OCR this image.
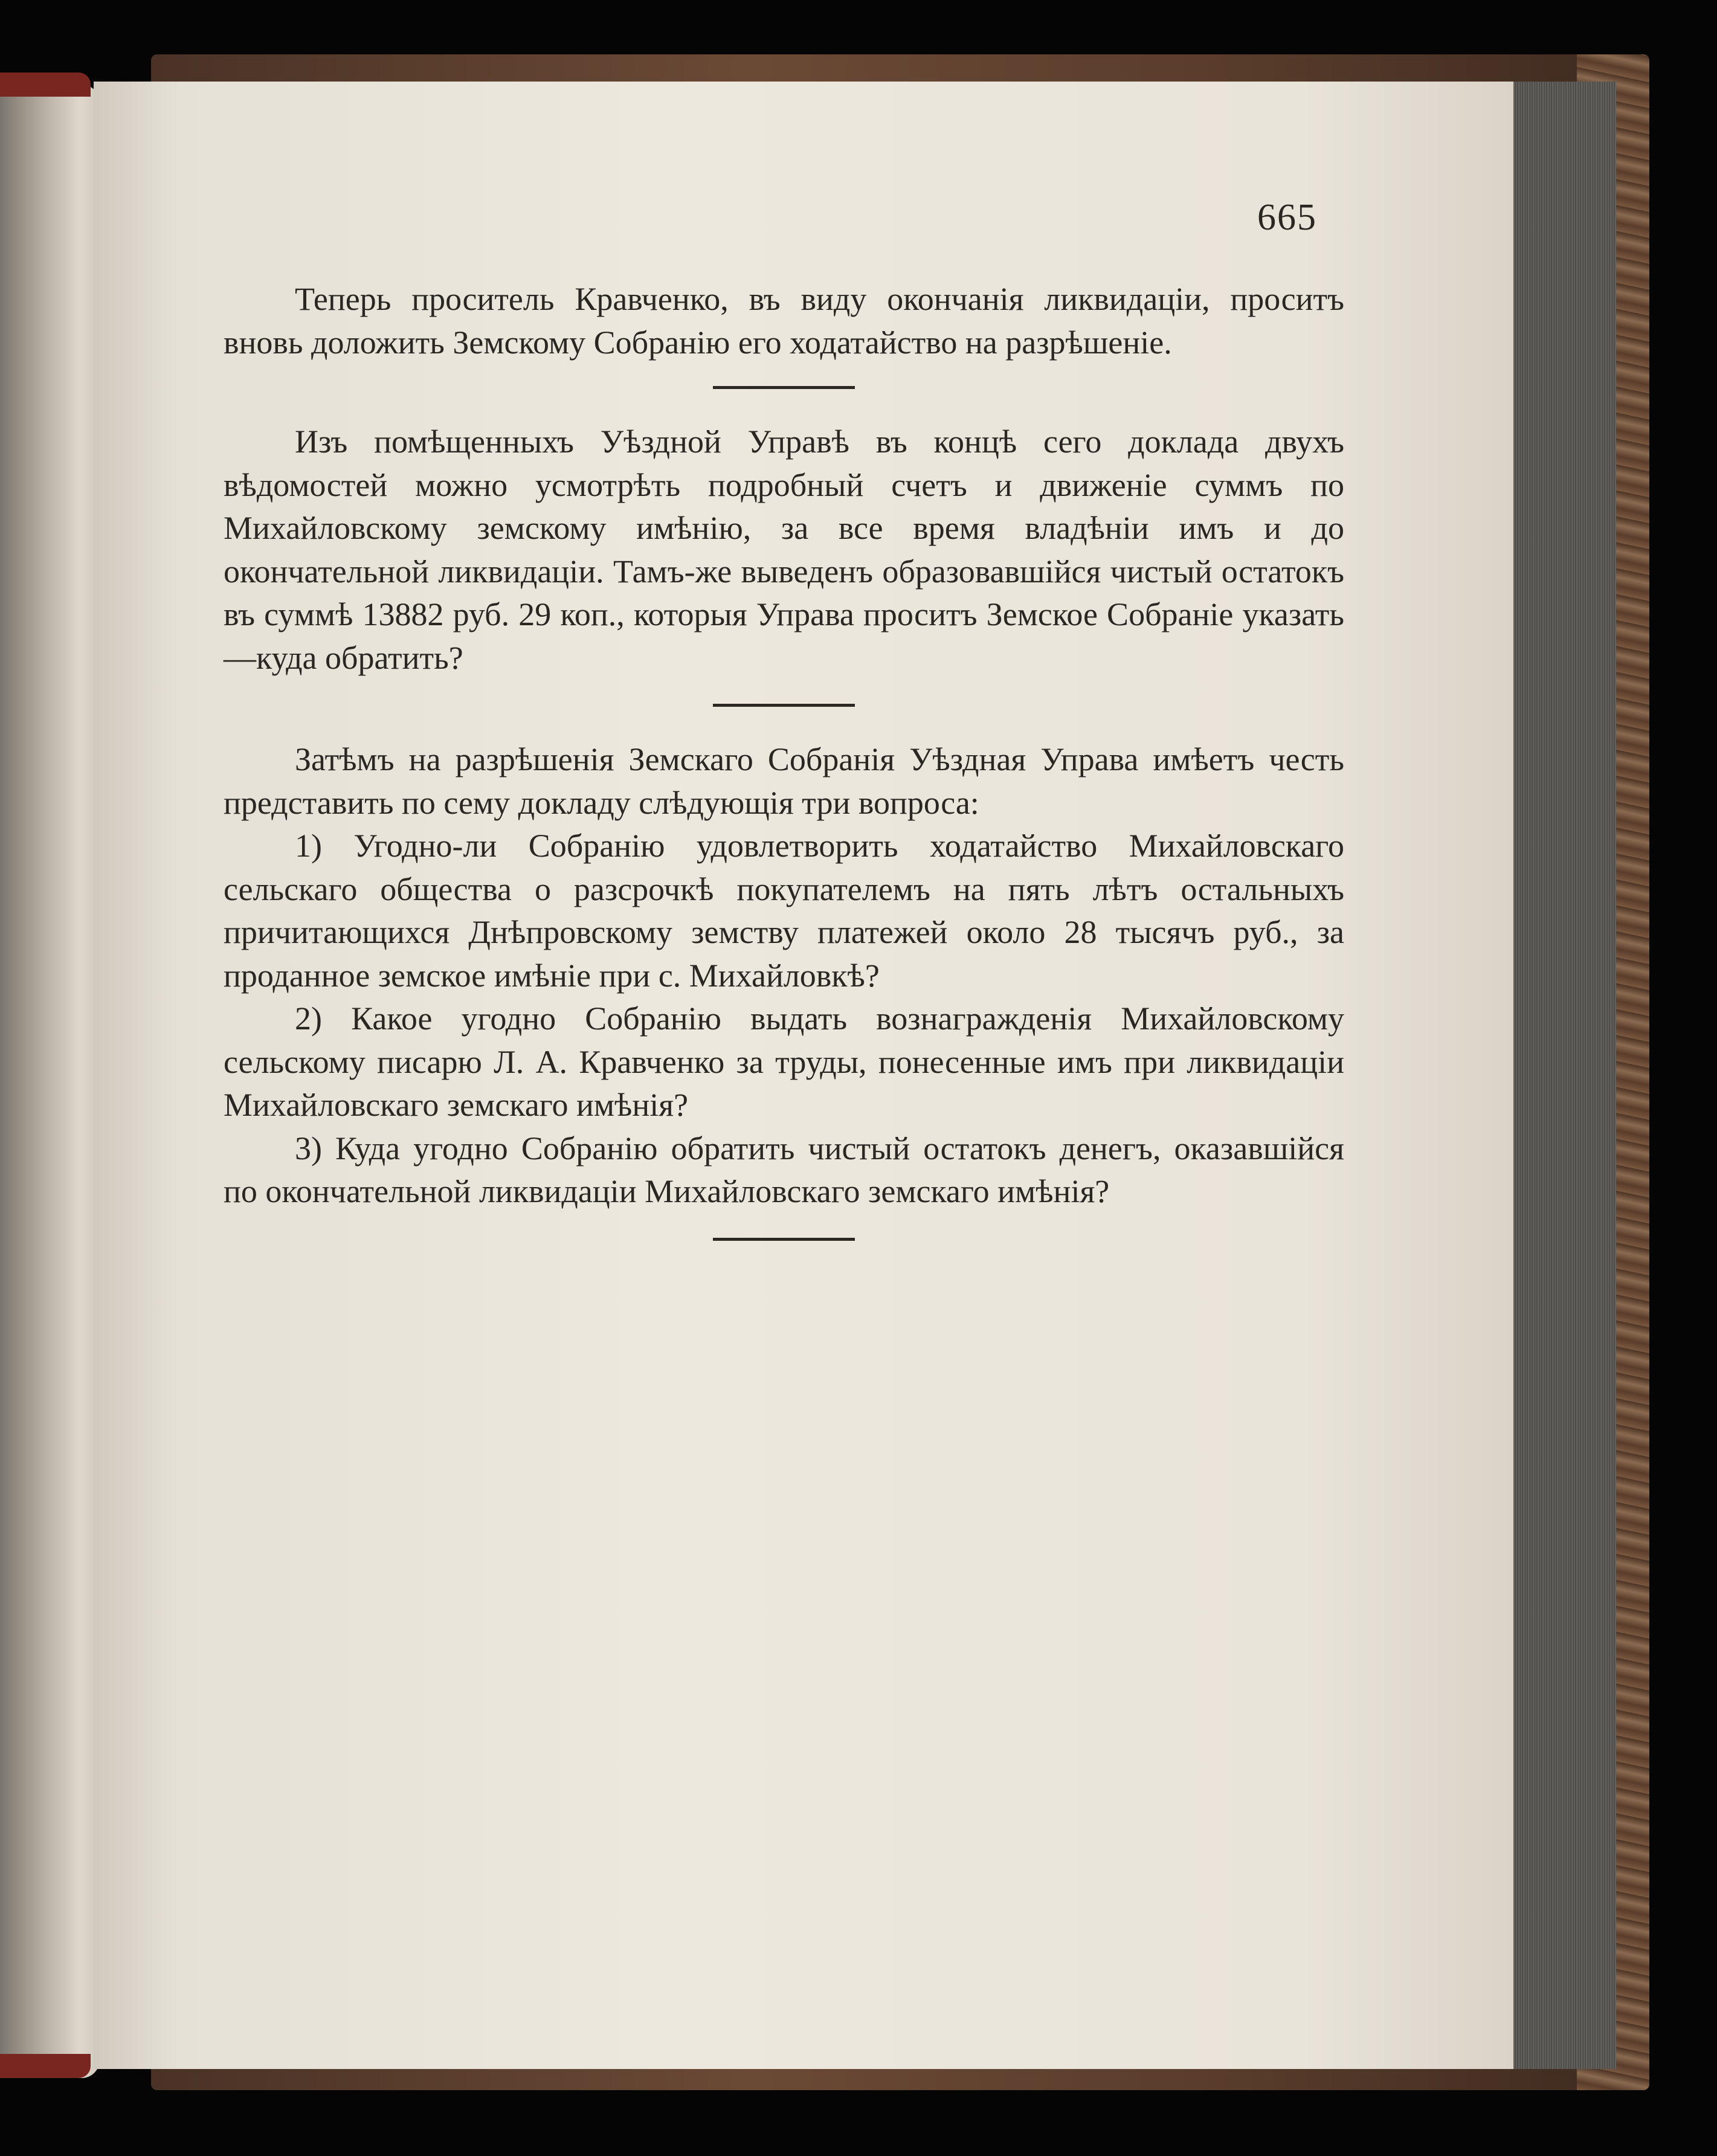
665

Теперь проситель Кравченко, въ виду окончанія ликвидаціи, проситъ вновь доложить Земскому Собранію его ходатайство на разрѣшеніе.

Изъ помѣщенныхъ Уѣздной Управѣ въ концѣ сего доклада двухъ вѣдомостей можно усмотрѣть подробный счетъ и движеніе суммъ по Михайловскому земскому имѣнію, за все время владѣніи имъ и до окончательной ликвидаціи. Тамъ-же выведенъ образовавшійся чистый остатокъ въ суммѣ 13882 руб. 29 коп., которыя Управа проситъ Земское Собраніе указать—куда обратить?

Затѣмъ на разрѣшенія Земскаго Собранія Уѣздная Управа имѣетъ честь представить по сему докладу слѣдующія три вопроса:

1) Угодно-ли Собранію удовлетворить ходатайство Михайловскаго сельскаго общества о разсрочкѣ покупателемъ на пять лѣтъ остальныхъ причитающихся Днѣпровскому земству платежей около 28 тысячъ руб., за проданное земское имѣніе при с. Михайловкѣ?

2) Какое угодно Собранію выдать вознагражденія Михайловскому сельскому писарю Л. А. Кравченко за труды, понесенные имъ при ликвидаціи Михайловскаго земскаго имѣнія?

3) Куда угодно Собранію обратить чистый остатокъ денегъ, оказавшійся по окончательной ликвидаціи Михайловскаго земскаго имѣнія?
